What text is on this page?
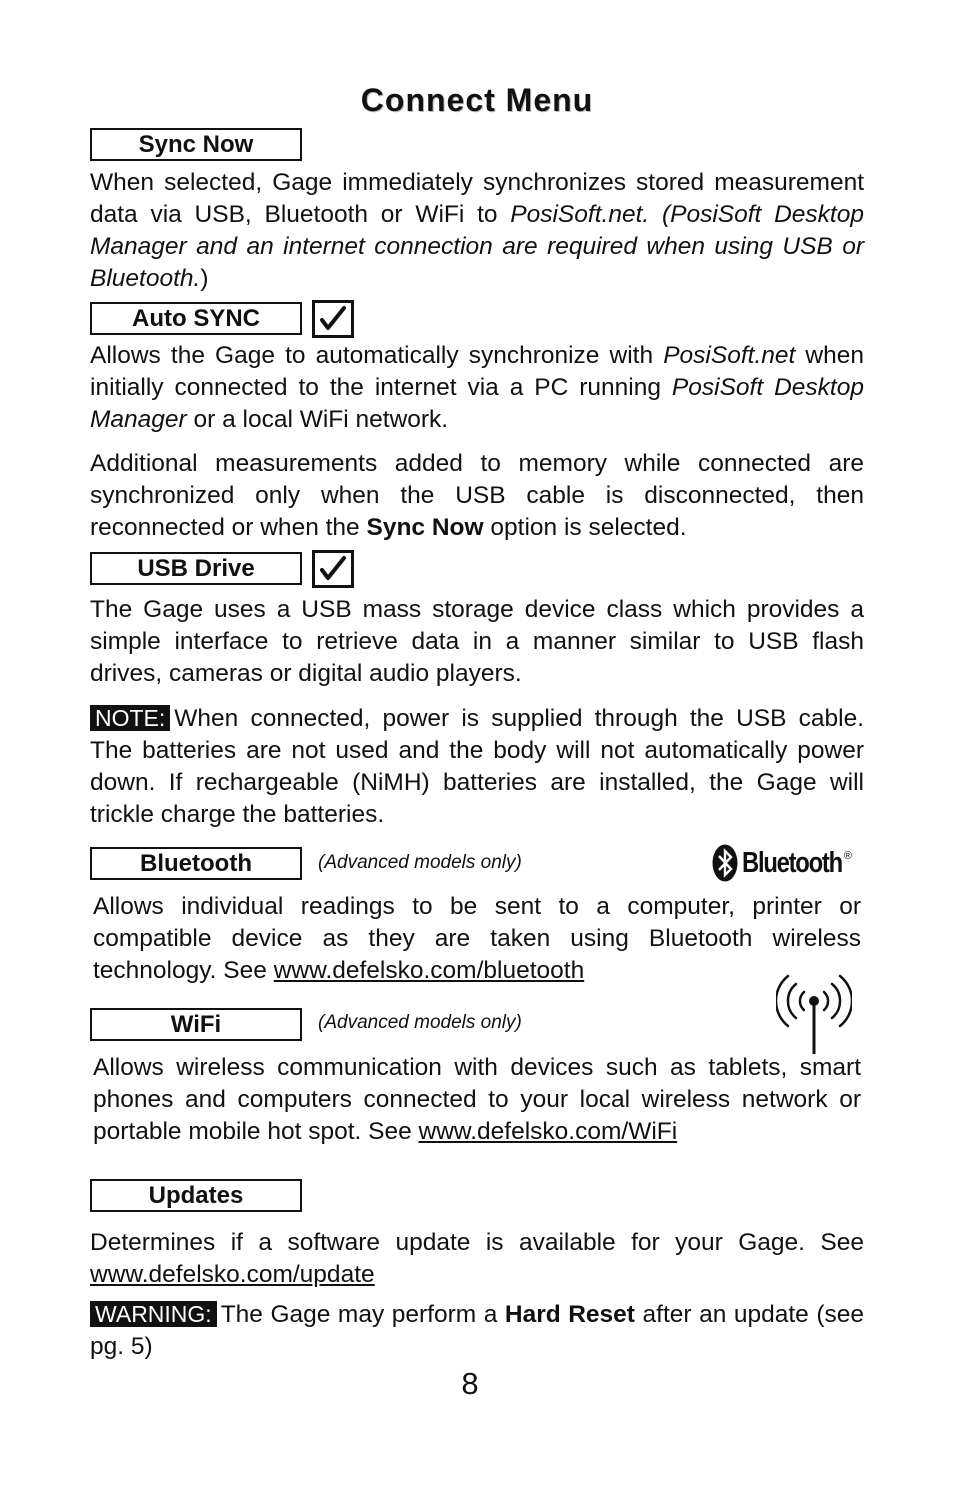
Connect Menu
Sync Now
When selected, Gage immediately synchronizes stored measurement data via USB, Bluetooth or WiFi to PosiSoft.net. (PosiSoft Desktop Manager and an internet connection are required when using USB or Bluetooth.)
Auto SYNC
Allows the Gage to automatically synchronize with PosiSoft.net when initially connected to the internet via a PC running PosiSoft Desktop Manager or a local WiFi network.
Additional measurements added to memory while connected are synchronized only when the USB cable is disconnected, then reconnected or when the Sync Now option is selected.
USB Drive
The Gage uses a USB mass storage device class which provides a simple interface to retrieve data in a manner similar to USB flash drives, cameras or digital audio players.
NOTE: When connected, power is supplied through the USB cable. The batteries are not used and the body will not automatically power down. If rechargeable (NiMH) batteries are installed, the Gage will trickle charge the batteries.
Bluetooth	(Advanced models only)	Bluetooth ®
Allows individual readings to be sent to a computer, printer or compatible device as they are taken using Bluetooth wireless technology. See www.defelsko.com/bluetooth
WiFi	(Advanced models only)
Allows wireless communication with devices such as tablets, smart phones and computers connected to your local wireless network or portable mobile hot spot. See www.defelsko.com/WiFi
Updates
Determines if a software update is available for your Gage. See www.defelsko.com/update
WARNING: The Gage may perform a Hard Reset after an update (see pg. 5)
8
